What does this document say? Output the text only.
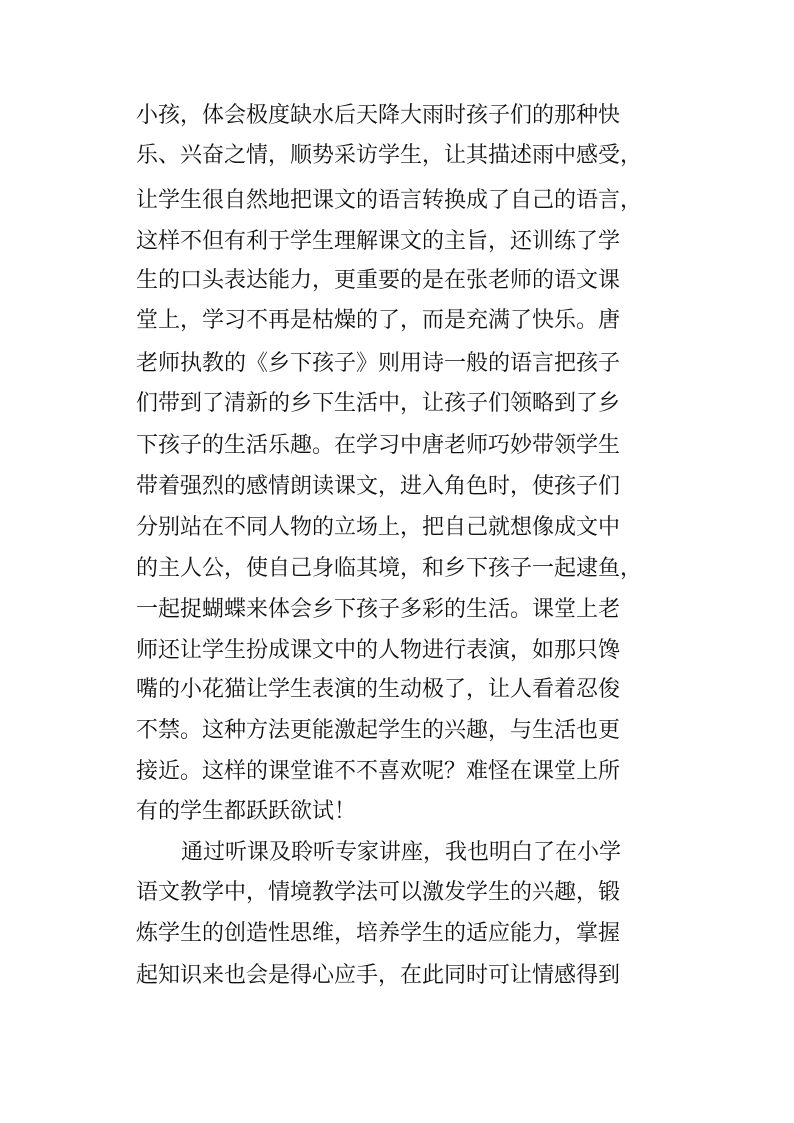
小孩，体会极度缺水后天降大雨时孩子们的那种快
乐、兴奋之情，顺势采访学生，让其描述雨中感受，
让学生很自然地把课文的语言转换成了自己的语言，
这样不但有利于学生理解课文的主旨，还训练了学
生的口头表达能力，更重要的是在张老师的语文课
堂上，学习不再是枯燥的了，而是充满了快乐。唐
老师执教的《乡下孩子》则用诗一般的语言把孩子
们带到了清新的乡下生活中，让孩子们领略到了乡
下孩子的生活乐趣。在学习中唐老师巧妙带领学生
带着强烈的感情朗读课文，进入角色时，使孩子们
分别站在不同人物的立场上，把自己就想像成文中
的主人公，使自己身临其境，和乡下孩子一起逮鱼，
一起捉蝴蝶来体会乡下孩子多彩的生活。课堂上老
师还让学生扮成课文中的人物进行表演，如那只馋
嘴的小花猫让学生表演的生动极了，让人看着忍俊
不禁。这种方法更能激起学生的兴趣，与生活也更
接近。这样的课堂谁不不喜欢呢？难怪在课堂上所
有的学生都跃跃欲试！
通过听课及聆听专家讲座，我也明白了在小学
语文教学中，情境教学法可以激发学生的兴趣，锻
炼学生的创造性思维，培养学生的适应能力，掌握
起知识来也会是得心应手，在此同时可让情感得到
